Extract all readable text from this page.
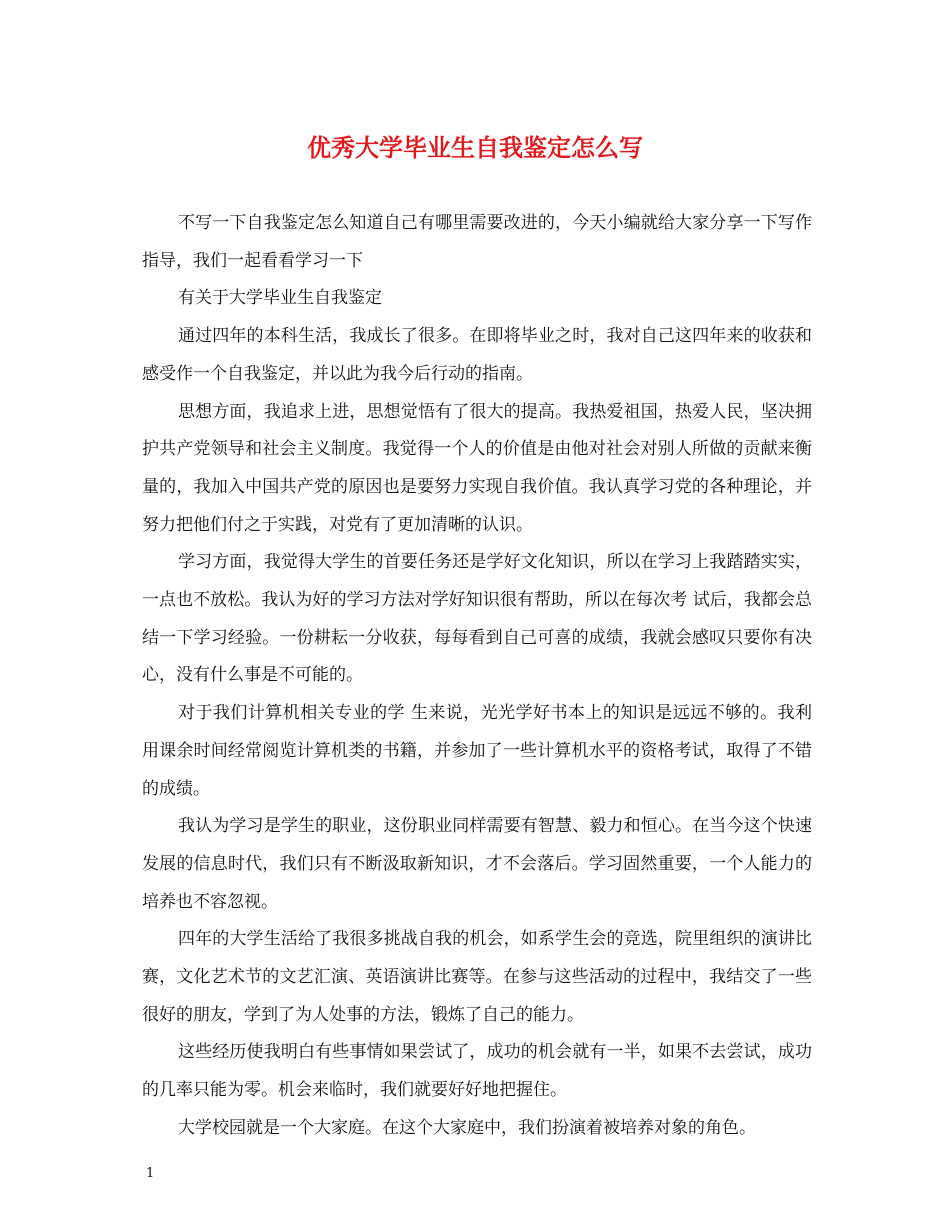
优秀大学毕业生自我鉴定怎么写

不写一下自我鉴定怎么知道自己有哪里需要改进的，今天小编就给大家分享一下写作指导，我们一起看看学习一下

有关于大学毕业生自我鉴定

通过四年的本科生活，我成长了很多。在即将毕业之时，我对自己这四年来的收获和感受作一个自我鉴定，并以此为我今后行动的指南。

思想方面，我追求上进，思想觉悟有了很大的提高。我热爱祖国，热爱人民，坚决拥护共产党领导和社会主义制度。我觉得一个人的价值是由他对社会对别人所做的贡献来衡量的，我加入中国共产党的原因也是要努力实现自我价值。我认真学习党的各种理论，并努力把他们付之于实践，对党有了更加清晰的认识。

学习方面，我觉得大学生的首要任务还是学好文化知识，所以在学习上我踏踏实实，一点也不放松。我认为好的学习方法对学好知识很有帮助，所以在每次考 试后，我都会总结一下学习经验。一份耕耘一分收获，每每看到自己可喜的成绩，我就会感叹只要你有决心，没有什么事是不可能的。

对于我们计算机相关专业的学 生来说，光光学好书本上的知识是远远不够的。我利用课余时间经常阅览计算机类的书籍，并参加了一些计算机水平的资格考试，取得了不错的成绩。

我认为学习是学生的职业，这份职业同样需要有智慧、毅力和恒心。在当今这个快速发展的信息时代，我们只有不断汲取新知识，才不会落后。学习固然重要，一个人能力的培养也不容忽视。

四年的大学生活给了我很多挑战自我的机会，如系学生会的竞选，院里组织的演讲比赛，文化艺术节的文艺汇演、英语演讲比赛等。在参与这些活动的过程中，我结交了一些很好的朋友，学到了为人处事的方法，锻炼了自己的能力。

这些经历使我明白有些事情如果尝试了，成功的机会就有一半，如果不去尝试，成功的几率只能为零。机会来临时，我们就要好好地把握住。

大学校园就是一个大家庭。在这个大家庭中，我们扮演着被培养对象的角色。

1
